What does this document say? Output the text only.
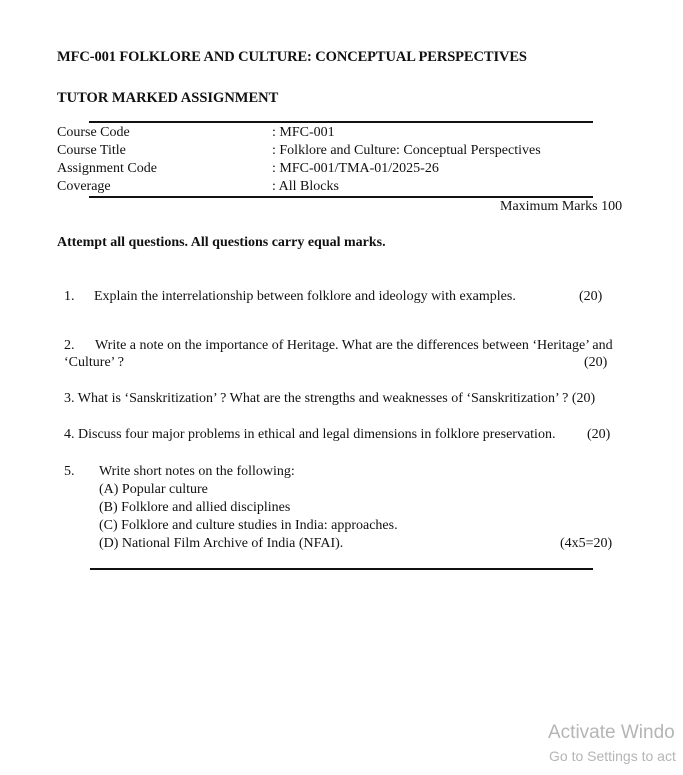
MFC-001 FOLKLORE AND CULTURE: CONCEPTUAL PERSPECTIVES
TUTOR MARKED ASSIGNMENT
Course Code	: MFC-001
Course Title	: Folklore and Culture: Conceptual Perspectives
Assignment Code	: MFC-001/TMA-01/2025-26
Coverage	: All Blocks
Maximum Marks 100
Attempt all questions. All questions carry equal marks.
1. Explain the interrelationship between folklore and ideology with examples.	(20)
2. Write a note on the importance of Heritage. What are the differences between ‘Heritage’ and
‘Culture’ ?	(20)
3. What is ‘Sanskritization’ ? What are the strengths and weaknesses of ‘Sanskritization’ ? (20)
4. Discuss four major problems in ethical and legal dimensions in folklore preservation. (20)
5. Write short notes on the following:
(A) Popular culture
(B) Folklore and allied disciplines
(C) Folklore and culture studies in India: approaches.
(D) National Film Archive of India (NFAI).	(4x5=20)
Activate Windo
Go to Settings to act
